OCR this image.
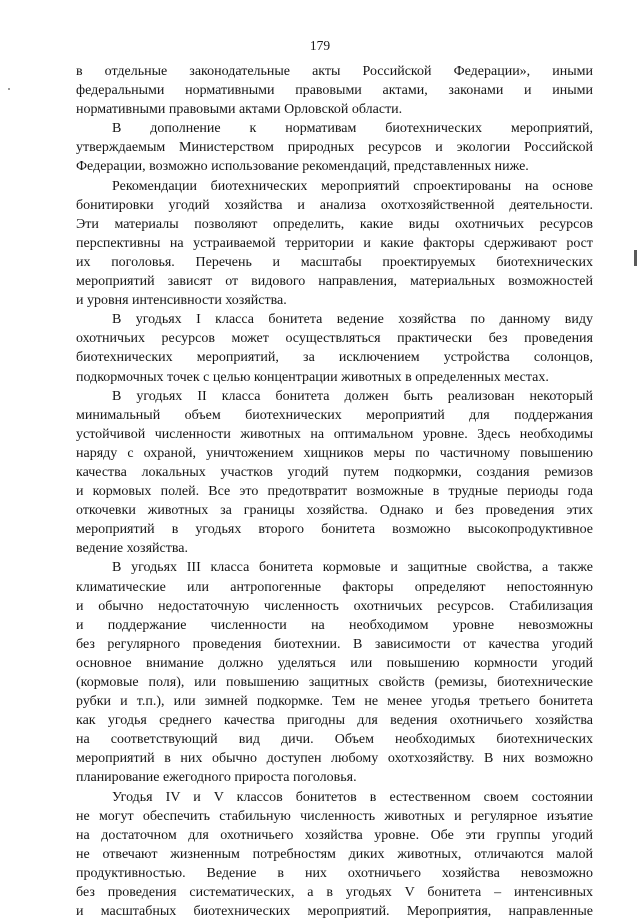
179

в отдельные законодательные акты Российской Федерации», иными
федеральными нормативными правовыми актами, законами и иными
нормативными правовыми актами Орловской области.

В дополнение к нормативам биотехнических мероприятий,
утверждаемым Министерством природных ресурсов и экологии Российской
Федерации, возможно использование рекомендаций, представленных ниже.

Рекомендации биотехнических мероприятий спроектированы на основе
бонитировки угодий хозяйства и анализа охотхозяйственной деятельности.
Эти материалы позволяют определить, какие виды охотничьих ресурсов
перспективны на устраиваемой территории и какие факторы сдерживают рост
их поголовья. Перечень и масштабы проектируемых биотехнических
мероприятий зависят от видового направления, материальных возможностей
и уровня интенсивности хозяйства.

В угодьях I класса бонитета ведение хозяйства по данному виду
охотничьих ресурсов может осуществляться практически без проведения
биотехнических мероприятий, за исключением устройства солонцов,
подкормочных точек с целью концентрации животных в определенных местах.

В угодьях II класса бонитета должен быть реализован некоторый
минимальный объем биотехнических мероприятий для поддержания
устойчивой численности животных на оптимальном уровне. Здесь необходимы
наряду с охраной, уничтожением хищников меры по частичному повышению
качества локальных участков угодий путем подкормки, создания ремизов
и кормовых полей. Все это предотвратит возможные в трудные периоды года
откочевки животных за границы хозяйства. Однако и без проведения этих
мероприятий в угодьях второго бонитета возможно высокопродуктивное
ведение хозяйства.

В угодьях III класса бонитета кормовые и защитные свойства, а также
климатические или антропогенные факторы определяют непостоянную
и обычно недостаточную численность охотничьих ресурсов. Стабилизация
и поддержание численности на необходимом уровне невозможны
без регулярного проведения биотехнии. В зависимости от качества угодий
основное внимание должно уделяться или повышению кормности угодий
(кормовые поля), или повышению защитных свойств (ремизы, биотехнические
рубки и т.п.), или зимней подкормке. Тем не менее угодья третьего бонитета
как угодья среднего качества пригодны для ведения охотничьего хозяйства
на соответствующий вид дичи. Объем необходимых биотехнических
мероприятий в них обычно доступен любому охотхозяйству. В них возможно
планирование ежегодного прироста поголовья.

Угодья IV и V классов бонитетов в естественном своем состоянии
не могут обеспечить стабильную численность животных и регулярное изъятие
на достаточном для охотничьего хозяйства уровне. Обе эти группы угодий
не отвечают жизненным потребностям диких животных, отличаются малой
продуктивностью. Ведение в них охотничьего хозяйства невозможно
без проведения систематических, а в угодьях V бонитета – интенсивных
и масштабных биотехнических мероприятий. Мероприятия, направленные
